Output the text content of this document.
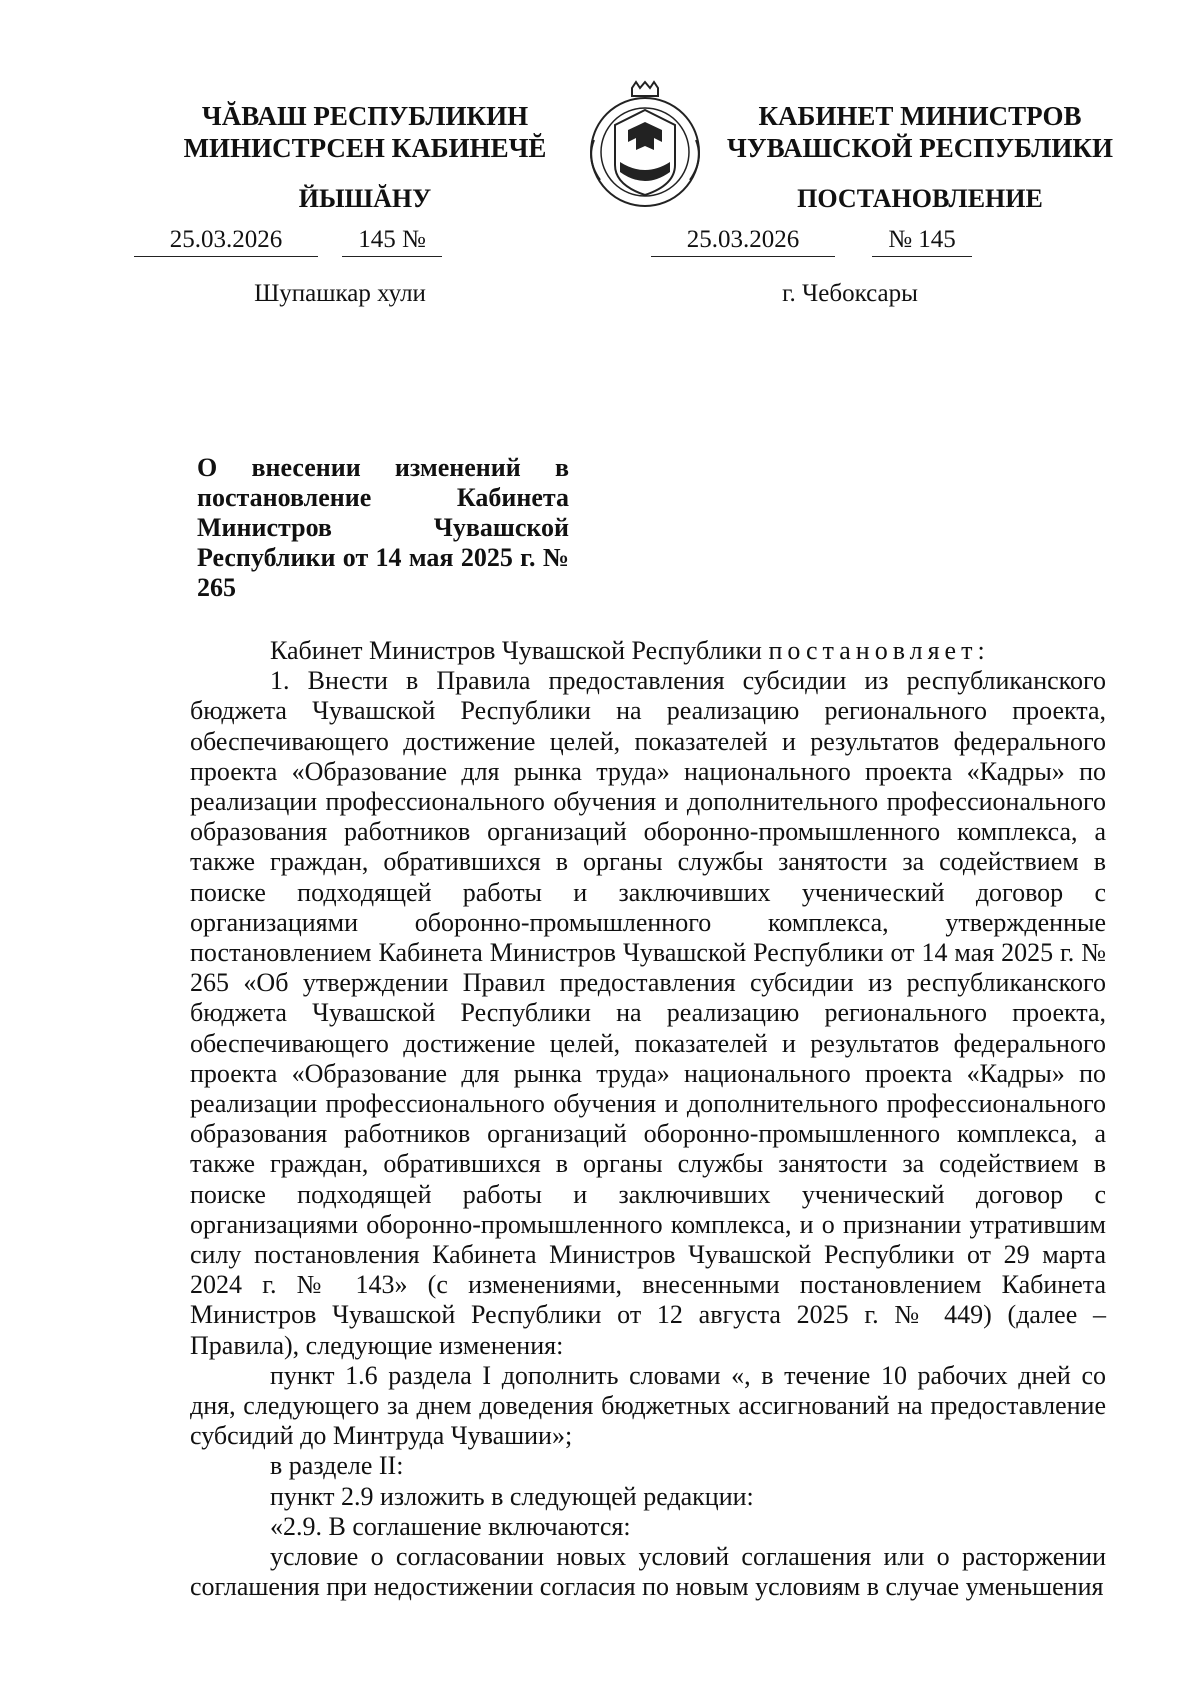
ЧĂВАШ РЕСПУБЛИКИН
МИНИСТРСЕН КАБИНЕЧĔ
ЙЫШĂНУ
КАБИНЕТ МИНИСТРОВ
ЧУВАШСКОЙ РЕСПУБЛИКИ
ПОСТАНОВЛЕНИЕ
25.03.2026	145 №	25.03.2026	№ 145
Шупашкар хули	г. Чебоксары
О внесении изменений в постановление Кабинета Министров Чувашской Республики от 14 мая 2025 г. № 265

Кабинет Министров Чувашской Республики постановляет:

1. Внести в Правила предоставления субсидии из республиканского бюджета Чувашской Республики на реализацию регионального проекта, обеспечивающего достижение целей, показателей и результатов федерального проекта «Образование для рынка труда» национального проекта «Кадры» по реализации профессионального обучения и дополнительного профессионального образования работников организаций оборонно-промышленного комплекса, а также граждан, обратившихся в органы службы занятости за содействием в поиске подходящей работы и заключивших ученический договор с организациями оборонно-промышленного комплекса, утвержденные постановлением Кабинета Министров Чувашской Республики от 14 мая 2025 г. № 265 «Об утверждении Правил предоставления субсидии из республиканского бюджета Чувашской Республики на реализацию регионального проекта, обеспечивающего достижение целей, показателей и результатов федерального проекта «Образование для рынка труда» национального проекта «Кадры» по реализации профессионального обучения и дополнительного профессионального образования работников организаций оборонно-промышленного комплекса, а также граждан, обратившихся в органы службы занятости за содействием в поиске подходящей работы и заключивших ученический договор с организациями оборонно-промышленного комплекса, и о признании утратившим силу постановления Кабинета Министров Чувашской Республики от 29 марта 2024 г. № 143» (с изменениями, внесенными постановлением Кабинета Министров Чувашской Республики от 12 августа 2025 г. № 449) (далее – Правила), следующие изменения:

пункт 1.6 раздела I дополнить словами «, в течение 10 рабочих дней со дня, следующего за днем доведения бюджетных ассигнований на предоставление субсидий до Минтруда Чувашии»;

в разделе II:

пункт 2.9 изложить в следующей редакции:

«2.9. В соглашение включаются:

условие о согласовании новых условий соглашения или о расторжении соглашения при недостижении согласия по новым условиям в случае уменьшения
